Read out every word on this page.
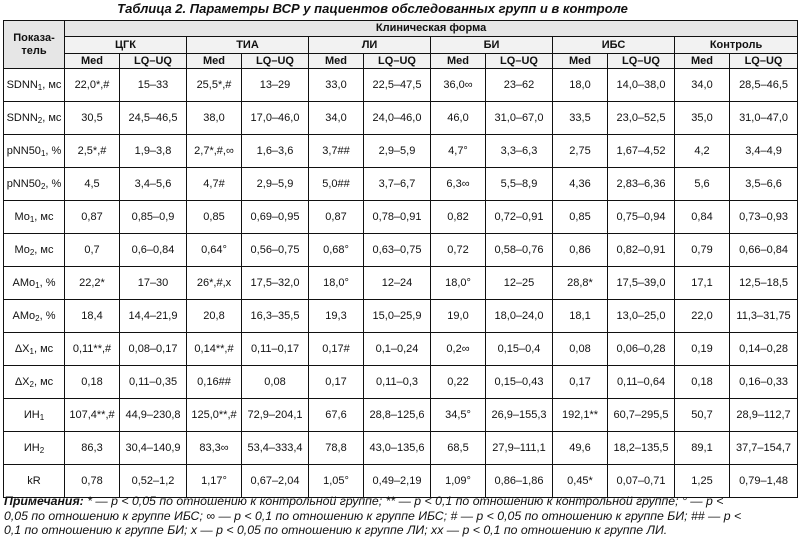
Таблица 2. Параметры ВСР у пациентов обследованных групп и в контроле
Показа-тель	Клиническая форма											
	ЦГК		ТИА		ЛИ		БИ		ИБС		Контроль	
	Med	LQ–UQ	Med	LQ–UQ	Med	LQ–UQ	Med	LQ–UQ	Med	LQ–UQ	Med	LQ–UQ
$SDNN_1$, мс	22,0*,#	15–33	25,5*,#	13–29	33,0	22,5–47,5	36,0∞	23–62	18,0	14,0–38,0	34,0	28,5–46,5
$SDNN_2$, мс	30,5	24,5–46,5	38,0	17,0–46,0	34,0	24,0–46,0	46,0	31,0–67,0	33,5	23,0–52,5	35,0	31,0–47,0
$pNN50_1$, %	2,5*,#	1,9–3,8	2,7*,#,∞	1,6–3,6	3,7##	2,9–5,9	4,7°	3,3–6,3	2,75	1,67–4,52	4,2	3,4–4,9
$pNN50_2$, %	4,5	3,4–5,6	4,7#	2,9–5,9	5,0##	3,7–6,7	6,3∞	5,5–8,9	4,36	2,83–6,36	5,6	3,5–6,6
$Mo_1$, мс	0,87	0,85–0,9	0,85	0,69–0,95	0,87	0,78–0,91	0,82	0,72–0,91	0,85	0,75–0,94	0,84	0,73–0,93
$Mo_2$, мс	0,7	0,6–0,84	0,64°	0,56–0,75	0,68°	0,63–0,75	0,72	0,58–0,76	0,86	0,82–0,91	0,79	0,66–0,84
AMo$_1$, %	22,2*	17–30	26*,#,x	17,5–32,0	18,0°	12–24	18,0°	12–25	28,8*	17,5–39,0	17,1	12,5–18,5
AMo$_2$, %	18,4	14,4–21,9	20,8	16,3–35,5	19,3	15,0–25,9	19,0	18,0–24,0	18,1	13,0–25,0	22,0	11,3–31,75
$\Delta X_1$, мс	0,11**,#	0,08–0,17	0,14**,#	0,11–0,17	0,17#	0,1–0,24	0,2∞	0,15–0,4	0,08	0,06–0,28	0,19	0,14–0,28
$\Delta X_2$, мс	0,18	0,11–0,35	0,16##	0,08	0,17	0,11–0,3	0,22	0,15–0,43	0,17	0,11–0,64	0,18	0,16–0,33
$ИН_1$	107,4**,#	44,9–230,8	125,0**,#	72,9–204,1	67,6	28,8–125,6	34,5°	26,9–155,3	192,1**	60,7–295,5	50,7	28,9–112,7
$ИН_2$	86,3	30,4–140,9	83,3∞	53,4–333,4	78,8	43,0–135,6	68,5	27,9–111,1	49,6	18,2–135,5	89,1	37,7–154,7
kR	0,78	0,52–1,2	1,17°	0,67–2,04	1,05°	0,49–2,19	1,09°	0,86–1,86	0,45*	0,07–0,71	1,25	0,79–1,48
Примечания: * — p < 0,05 по отношению к контрольной группе; ** — p < 0,1 по отношению к контрольной группе; ° — p < 0,05 по отношению к группе ИБС; ∞ — p < 0,1 по отношению к группе ИБС; # — p < 0,05 по отношению к группе БИ; ## — p < 0,1 по отношению к группе БИ; x — p < 0,05 по отношению к группе ЛИ; xx — p < 0,1 по отношению к группе ЛИ.
